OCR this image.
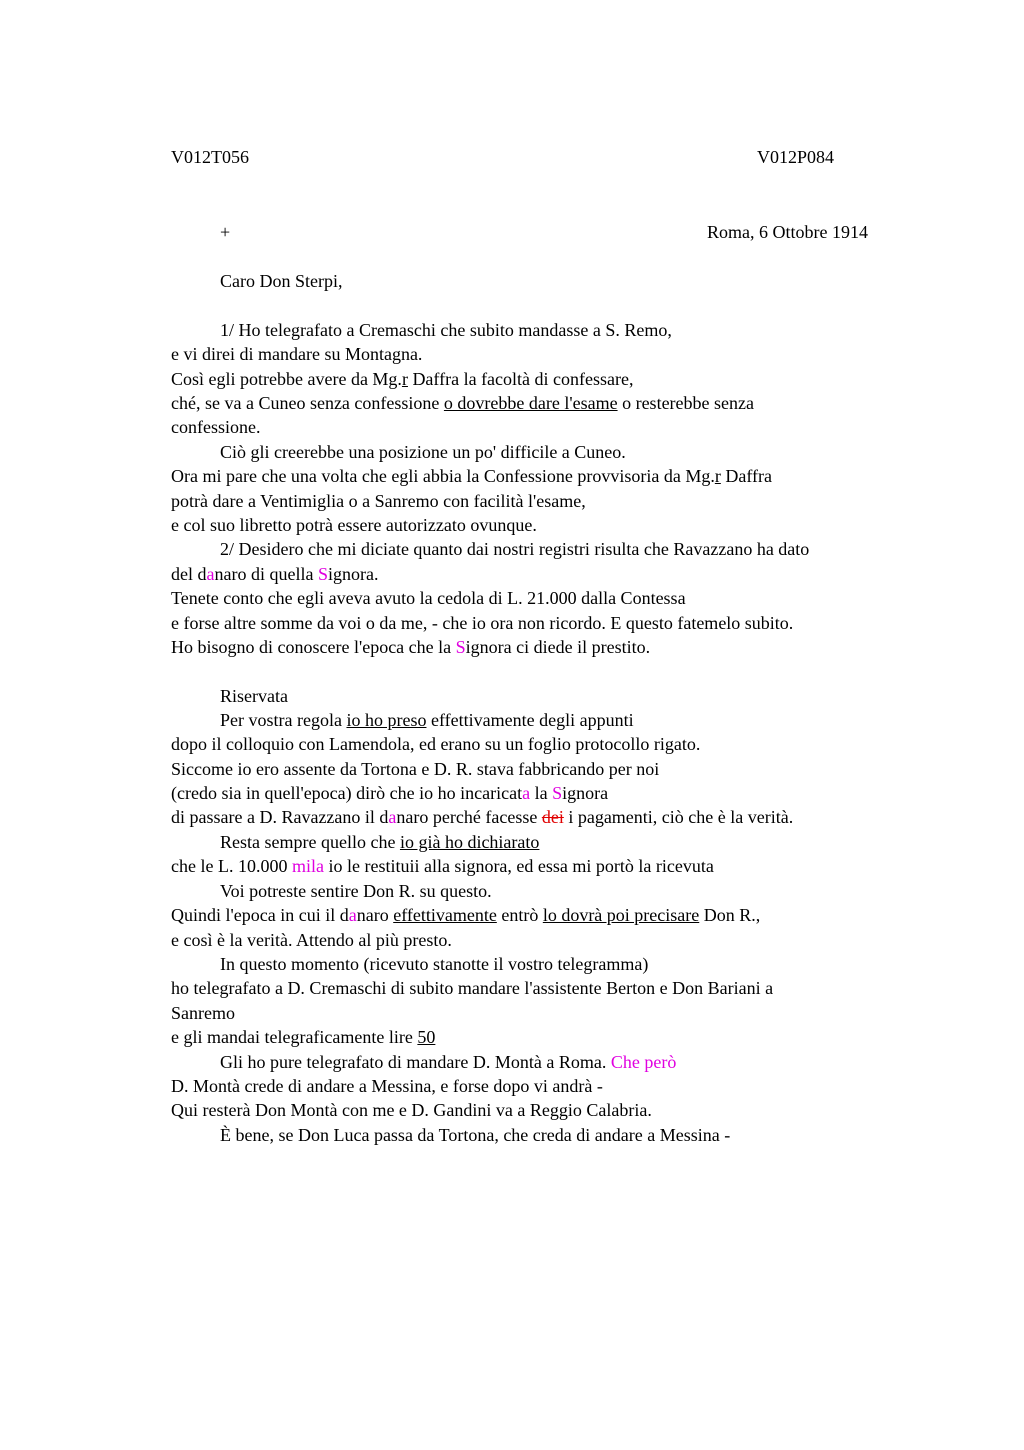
V012T056	V012P084
+	Roma, 6 Ottobre 1914
Caro Don Sterpi,
1/ Ho telegrafato a Cremaschi che subito mandasse a S. Remo,
e vi direi di mandare su Montagna.
Così egli potrebbe avere da Mg.r Daffra la facoltà di confessare,
ché, se va a Cuneo senza confessione o dovrebbe dare l'esame o resterebbe senza
confessione.
Ciò gli creerebbe una posizione un po' difficile a Cuneo.
Ora mi pare che una volta che egli abbia la Confessione provvisoria da Mg.r Daffra
potrà dare a Ventimiglia o a Sanremo con facilità l'esame,
e col suo libretto potrà essere autorizzato ovunque.
2/ Desidero che mi diciate quanto dai nostri registri risulta che Ravazzano ha dato
del danaro di quella Signora.
Tenete conto che egli aveva avuto la cedola di L. 21.000 dalla Contessa
e forse altre somme da voi o da me, - che io ora non ricordo. E questo fatemelo subito.
Ho bisogno di conoscere l'epoca che la Signora ci diede il prestito.
Riservata
Per vostra regola io ho preso effettivamente degli appunti
dopo il colloquio con Lamendola, ed erano su un foglio protocollo rigato.
Siccome io ero assente da Tortona e D. R. stava fabbricando per noi
(credo sia in quell'epoca) dirò che io ho incaricata la Signora
di passare a D. Ravazzano il danaro perché facesse dei i pagamenti, ciò che è la verità.
Resta sempre quello che io già ho dichiarato
che le L. 10.000 mila io le restituii alla signora, ed essa mi portò la ricevuta
Voi potreste sentire Don R. su questo.
Quindi l'epoca in cui il danaro effettivamente entrò lo dovrà poi precisare Don R.,
e così è la verità. Attendo al più presto.
In questo momento (ricevuto stanotte il vostro telegramma)
ho telegrafato a D. Cremaschi di subito mandare l'assistente Berton e Don Bariani a
Sanremo
e gli mandai telegraficamente lire 50
Gli ho pure telegrafato di mandare D. Montà a Roma. Che però
D. Montà crede di andare a Messina, e forse dopo vi andrà -
Qui resterà Don Montà con me e D. Gandini va a Reggio Calabria.
È bene, se Don Luca passa da Tortona, che creda di andare a Messina -
